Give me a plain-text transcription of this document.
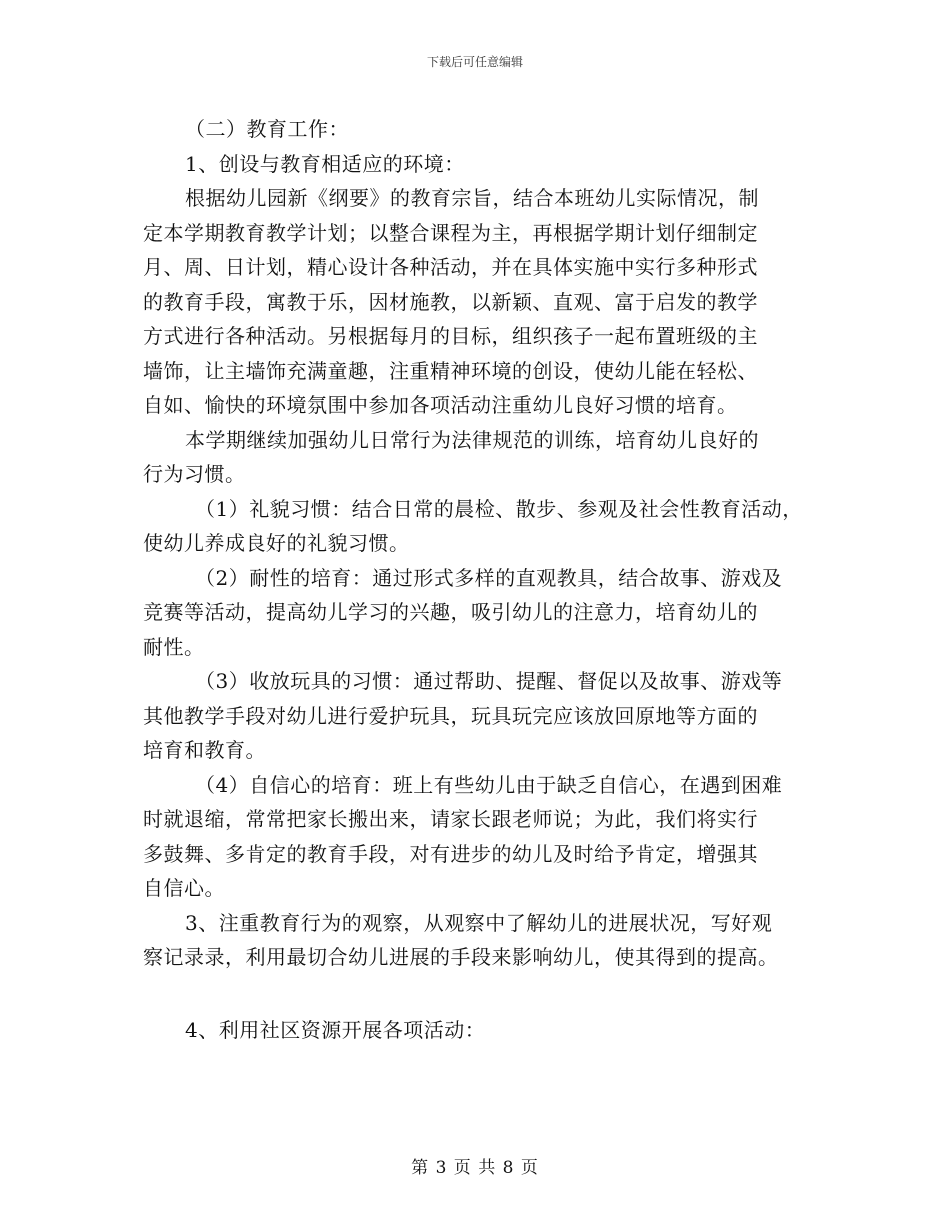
下载后可任意编辑
（二）教育工作：
1、创设与教育相适应的环境：
根据幼儿园新《纲要》的教育宗旨，结合本班幼儿实际情况，制
定本学期教育教学计划；以整合课程为主，再根据学期计划仔细制定
月、周、日计划，精心设计各种活动，并在具体实施中实行多种形式
的教育手段，寓教于乐，因材施教，以新颖、直观、富于启发的教学
方式进行各种活动。另根据每月的目标，组织孩子一起布置班级的主
墙饰，让主墙饰充满童趣，注重精神环境的创设，使幼儿能在轻松、
自如、愉快的环境氛围中参加各项活动注重幼儿良好习惯的培育。
本学期继续加强幼儿日常行为法律规范的训练，培育幼儿良好的
行为习惯。
（1）礼貌习惯：结合日常的晨检、散步、参观及社会性教育活动，
使幼儿养成良好的礼貌习惯。
（2）耐性的培育：通过形式多样的直观教具，结合故事、游戏及
竞赛等活动，提高幼儿学习的兴趣，吸引幼儿的注意力，培育幼儿的
耐性。
（3）收放玩具的习惯：通过帮助、提醒、督促以及故事、游戏等
其他教学手段对幼儿进行爱护玩具，玩具玩完应该放回原地等方面的
培育和教育。
（4）自信心的培育：班上有些幼儿由于缺乏自信心，在遇到困难
时就退缩，常常把家长搬出来，请家长跟老师说；为此，我们将实行
多鼓舞、多肯定的教育手段，对有进步的幼儿及时给予肯定，增强其
自信心。
3、注重教育行为的观察，从观察中了解幼儿的进展状况，写好观
察记录录，利用最切合幼儿进展的手段来影响幼儿，使其得到的提高。
4、利用社区资源开展各项活动：
第 3 页 共 8 页
